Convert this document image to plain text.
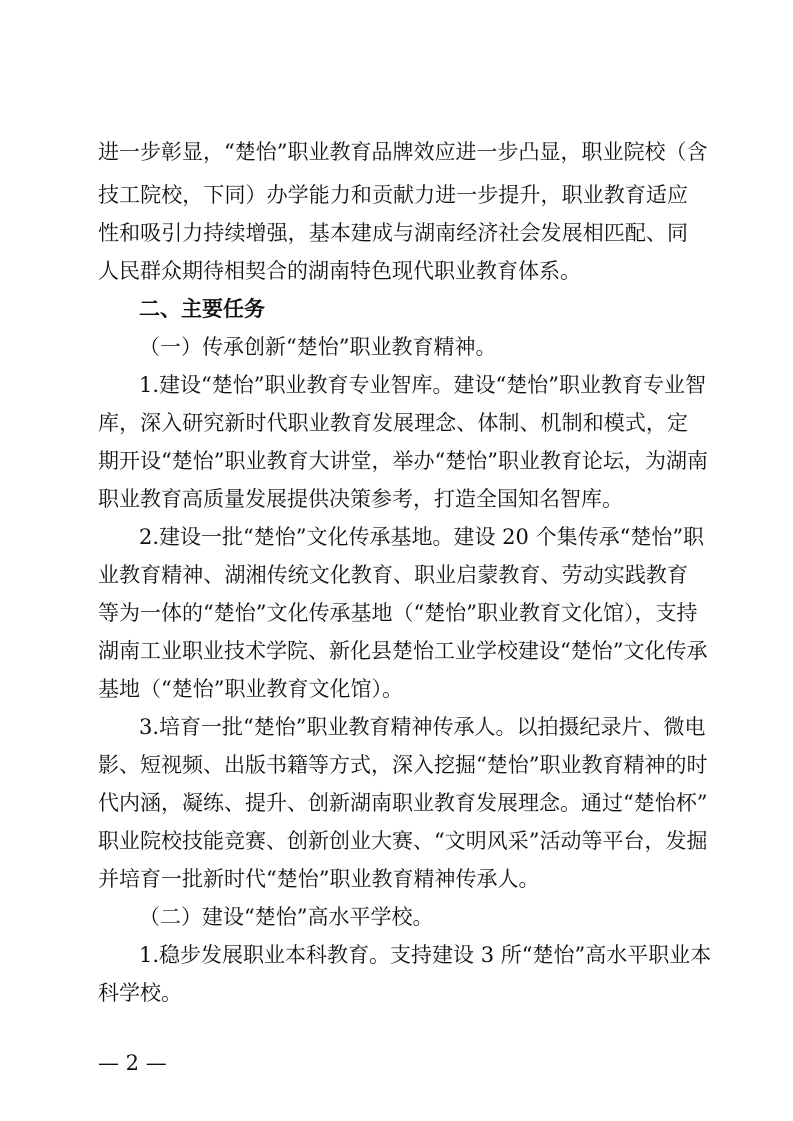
进一步彰显，“楚怡”职业教育品牌效应进一步凸显，职业院校（含
技工院校，下同）办学能力和贡献力进一步提升，职业教育适应
性和吸引力持续增强，基本建成与湖南经济社会发展相匹配、同
人民群众期待相契合的湖南特色现代职业教育体系。
二、主要任务
（一）传承创新“楚怡”职业教育精神。
1.建设“楚怡”职业教育专业智库。建设“楚怡”职业教育专业智
库，深入研究新时代职业教育发展理念、体制、机制和模式，定
期开设“楚怡”职业教育大讲堂，举办“楚怡”职业教育论坛，为湖南
职业教育高质量发展提供决策参考，打造全国知名智库。
2.建设一批“楚怡”文化传承基地。建设 20 个集传承“楚怡”职
业教育精神、湖湘传统文化教育、职业启蒙教育、劳动实践教育
等为一体的“楚怡”文化传承基地（“楚怡”职业教育文化馆），支持
湖南工业职业技术学院、新化县楚怡工业学校建设“楚怡”文化传承
基地（“楚怡”职业教育文化馆）。
3.培育一批“楚怡”职业教育精神传承人。以拍摄纪录片、微电
影、短视频、出版书籍等方式，深入挖掘“楚怡”职业教育精神的时
代内涵，凝练、提升、创新湖南职业教育发展理念。通过“楚怡杯”
职业院校技能竞赛、创新创业大赛、“文明风采”活动等平台，发掘
并培育一批新时代“楚怡”职业教育精神传承人。
（二）建设“楚怡”高水平学校。
1.稳步发展职业本科教育。支持建设 3 所“楚怡”高水平职业本
科学校。
— 2 —
